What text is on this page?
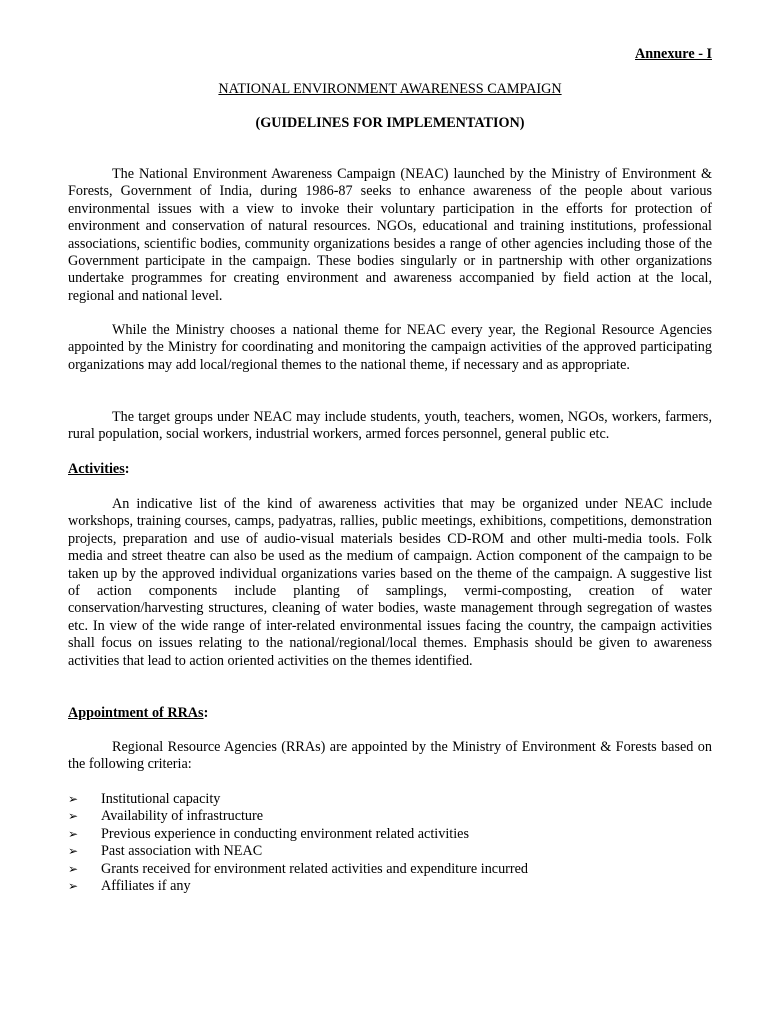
Annexure - I
NATIONAL ENVIRONMENT AWARENESS CAMPAIGN
(GUIDELINES FOR IMPLEMENTATION)

The National Environment Awareness Campaign (NEAC) launched by the Ministry of Environment & Forests, Government of India, during 1986-87 seeks to enhance awareness of the people about various environmental issues with a view to invoke their voluntary participation in the efforts for protection of environment and conservation of natural resources. NGOs, educational and training institutions, professional associations, scientific bodies, community organizations besides a range of other agencies including those of the Government participate in the campaign. These bodies singularly or in partnership with other organizations undertake programmes for creating environment and awareness accompanied by field action at the local, regional and national level.

While the Ministry chooses a national theme for NEAC every year, the Regional Resource Agencies appointed by the Ministry for coordinating and monitoring the campaign activities of the approved participating organizations may add local/regional themes to the national theme, if necessary and as appropriate.

The target groups under NEAC may include students, youth, teachers, women, NGOs, workers, farmers, rural population, social workers, industrial workers, armed forces personnel, general public etc.

Activities:

An indicative list of the kind of awareness activities that may be organized under NEAC include workshops, training courses, camps, padyatras, rallies, public meetings, exhibitions, competitions, demonstration projects, preparation and use of audio-visual materials besides CD-ROM and other multi-media tools. Folk media and street theatre can also be used as the medium of campaign. Action component of the campaign to be taken up by the approved individual organizations varies based on the theme of the campaign. A suggestive list of action components include planting of samplings, vermi-composting, creation of water conservation/harvesting structures, cleaning of water bodies, waste management through segregation of wastes etc. In view of the wide range of inter-related environmental issues facing the country, the campaign activities shall focus on issues relating to the national/regional/local themes. Emphasis should be given to awareness activities that lead to action oriented activities on the themes identified.

Appointment of RRAs:

Regional Resource Agencies (RRAs) are appointed by the Ministry of Environment & Forests based on the following criteria:

➢ Institutional capacity
➢ Availability of infrastructure
➢ Previous experience in conducting environment related activities
➢ Past association with NEAC
➢ Grants received for environment related activities and expenditure incurred
➢ Affiliates if any
